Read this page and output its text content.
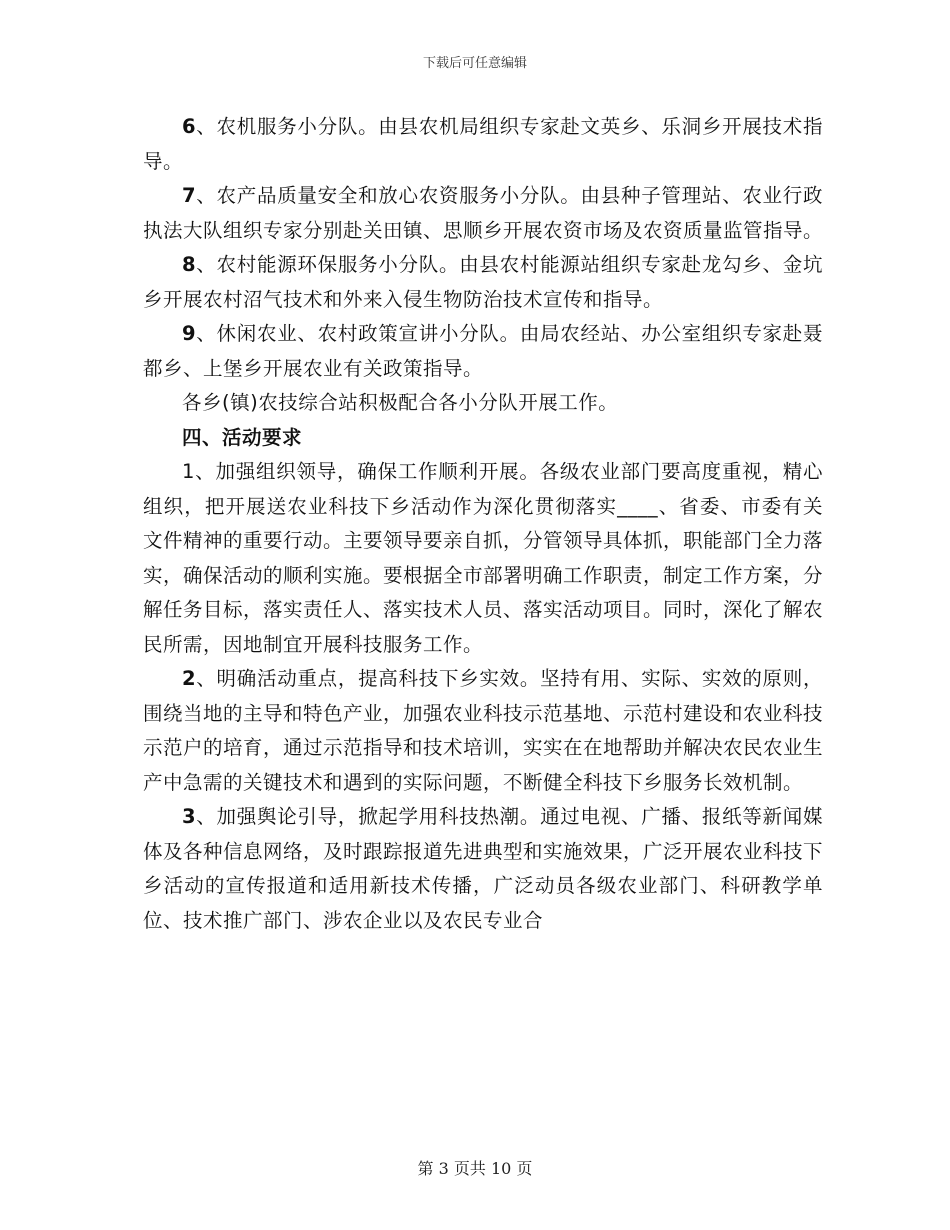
下载后可任意编辑

6、农机服务小分队。由县农机局组织专家赴文英乡、乐洞乡开展技术指导。

7、农产品质量安全和放心农资服务小分队。由县种子管理站、农业行政执法大队组织专家分别赴关田镇、思顺乡开展农资市场及农资质量监管指导。

8、农村能源环保服务小分队。由县农村能源站组织专家赴龙勾乡、金坑乡开展农村沼气技术和外来入侵生物防治技术宣传和指导。

9、休闲农业、农村政策宣讲小分队。由局农经站、办公室组织专家赴聂都乡、上堡乡开展农业有关政策指导。

各乡(镇)农技综合站积极配合各小分队开展工作。

四、活动要求

1、加强组织领导，确保工作顺利开展。各级农业部门要高度重视，精心组织，把开展送农业科技下乡活动作为深化贯彻落实____、省委、市委有关文件精神的重要行动。主要领导要亲自抓，分管领导具体抓，职能部门全力落实，确保活动的顺利实施。要根据全市部署明确工作职责，制定工作方案，分解任务目标，落实责任人、落实技术人员、落实活动项目。同时，深化了解农民所需，因地制宜开展科技服务工作。

2、明确活动重点，提高科技下乡实效。坚持有用、实际、实效的原则，围绕当地的主导和特色产业，加强农业科技示范基地、示范村建设和农业科技示范户的培育，通过示范指导和技术培训，实实在在地帮助并解决农民农业生产中急需的关键技术和遇到的实际问题，不断健全科技下乡服务长效机制。

3、加强舆论引导，掀起学用科技热潮。通过电视、广播、报纸等新闻媒体及各种信息网络，及时跟踪报道先进典型和实施效果，广泛开展农业科技下乡活动的宣传报道和适用新技术传播，广泛动员各级农业部门、科研教学单位、技术推广部门、涉农企业以及农民专业合

第 3 页共 10 页
